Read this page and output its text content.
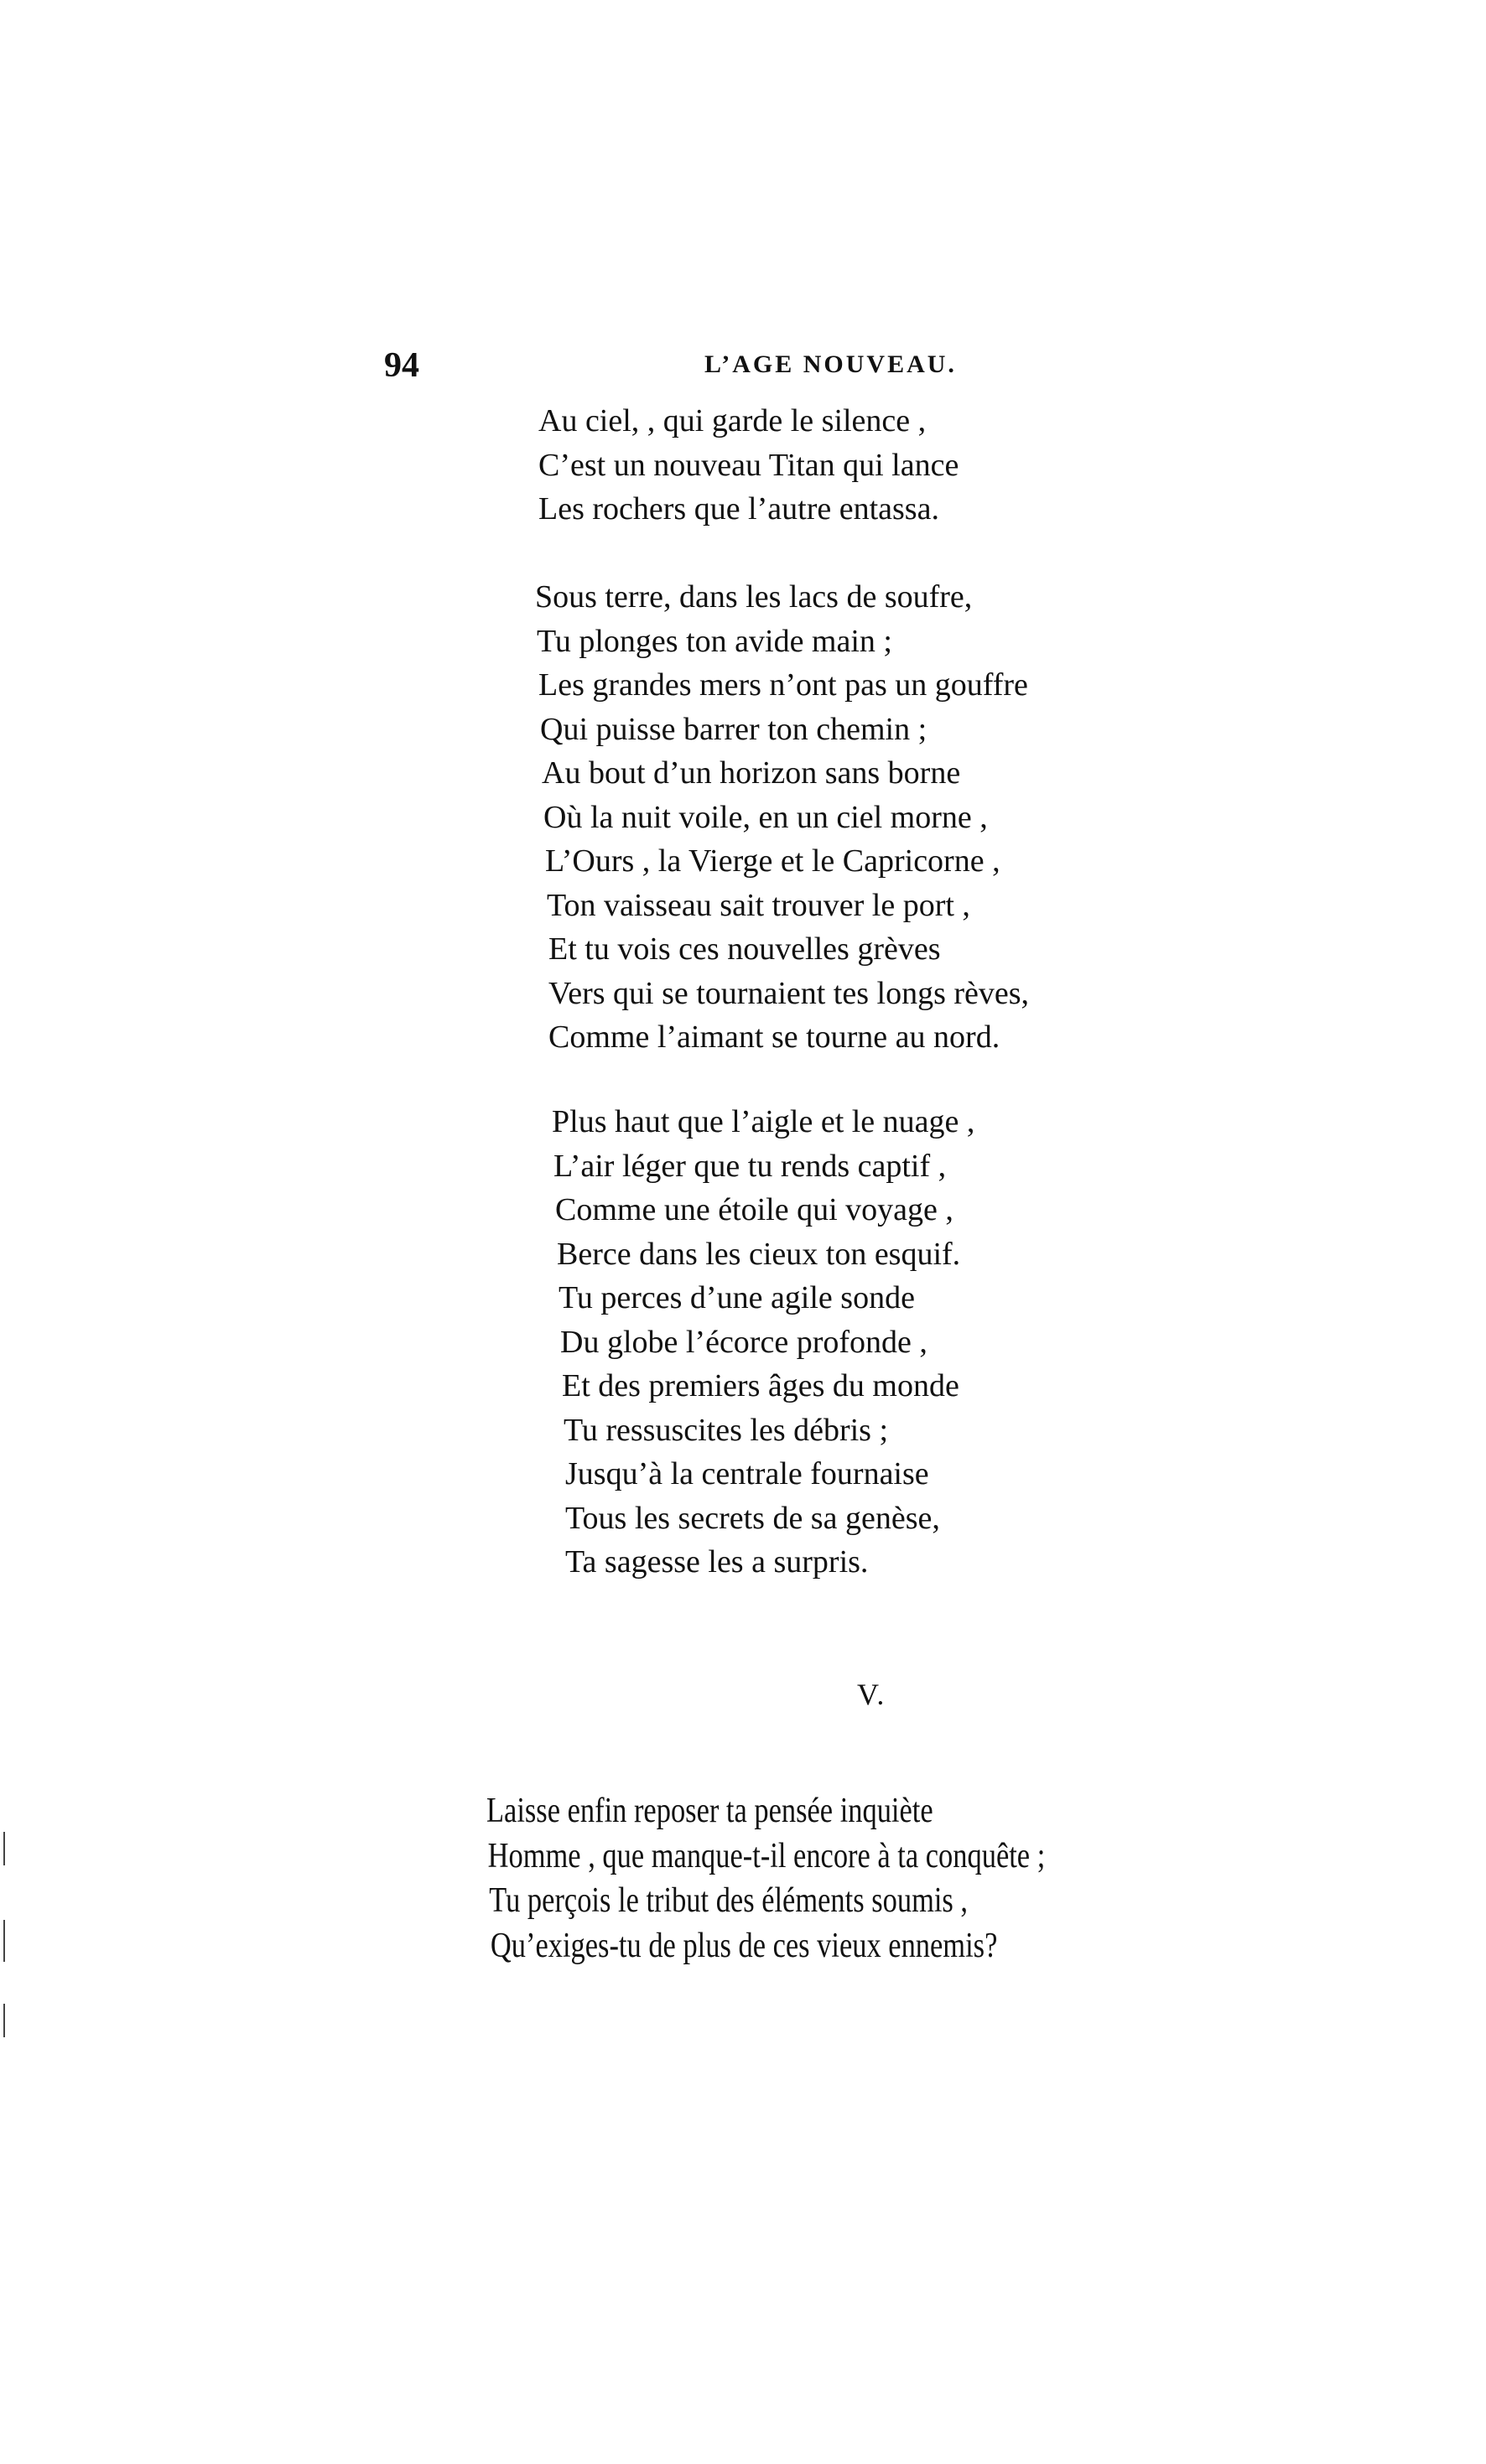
94	L’AGE NOUVEAU.
Au ciel, , qui garde le silence ,
C’est un nouveau Titan qui lance
Les rochers que l’autre entassa.
Sous terre, dans les lacs de soufre,
Tu plonges ton avide main ;
Les grandes mers n’ont pas un gouffre
Qui puisse barrer ton chemin ;
Au bout d’un horizon sans borne
Où la nuit voile, en un ciel morne ,
L’Ours , la Vierge et le Capricorne ,
Ton vaisseau sait trouver le port ,
Et tu vois ces nouvelles grèves
Vers qui se tournaient tes longs rèves,
Comme l’aimant se tourne au nord.
Plus haut que l’aigle et le nuage ,
L’air léger que tu rends captif ,
Comme une étoile qui voyage ,
Berce dans les cieux ton esquif.
Tu perces d’une agile sonde
Du globe l’écorce profonde ,
Et des premiers âges du monde
Tu ressuscites les débris ;
Jusqu’à la centrale fournaise
Tous les secrets de sa genèse,
Ta sagesse les a surpris.
V.
Laisse enfin reposer ta pensée inquiète
Homme , que manque-t-il encore à ta conquête ;
Tu perçois le tribut des éléments soumis ,
Qu’exiges-tu de plus de ces vieux ennemis?
